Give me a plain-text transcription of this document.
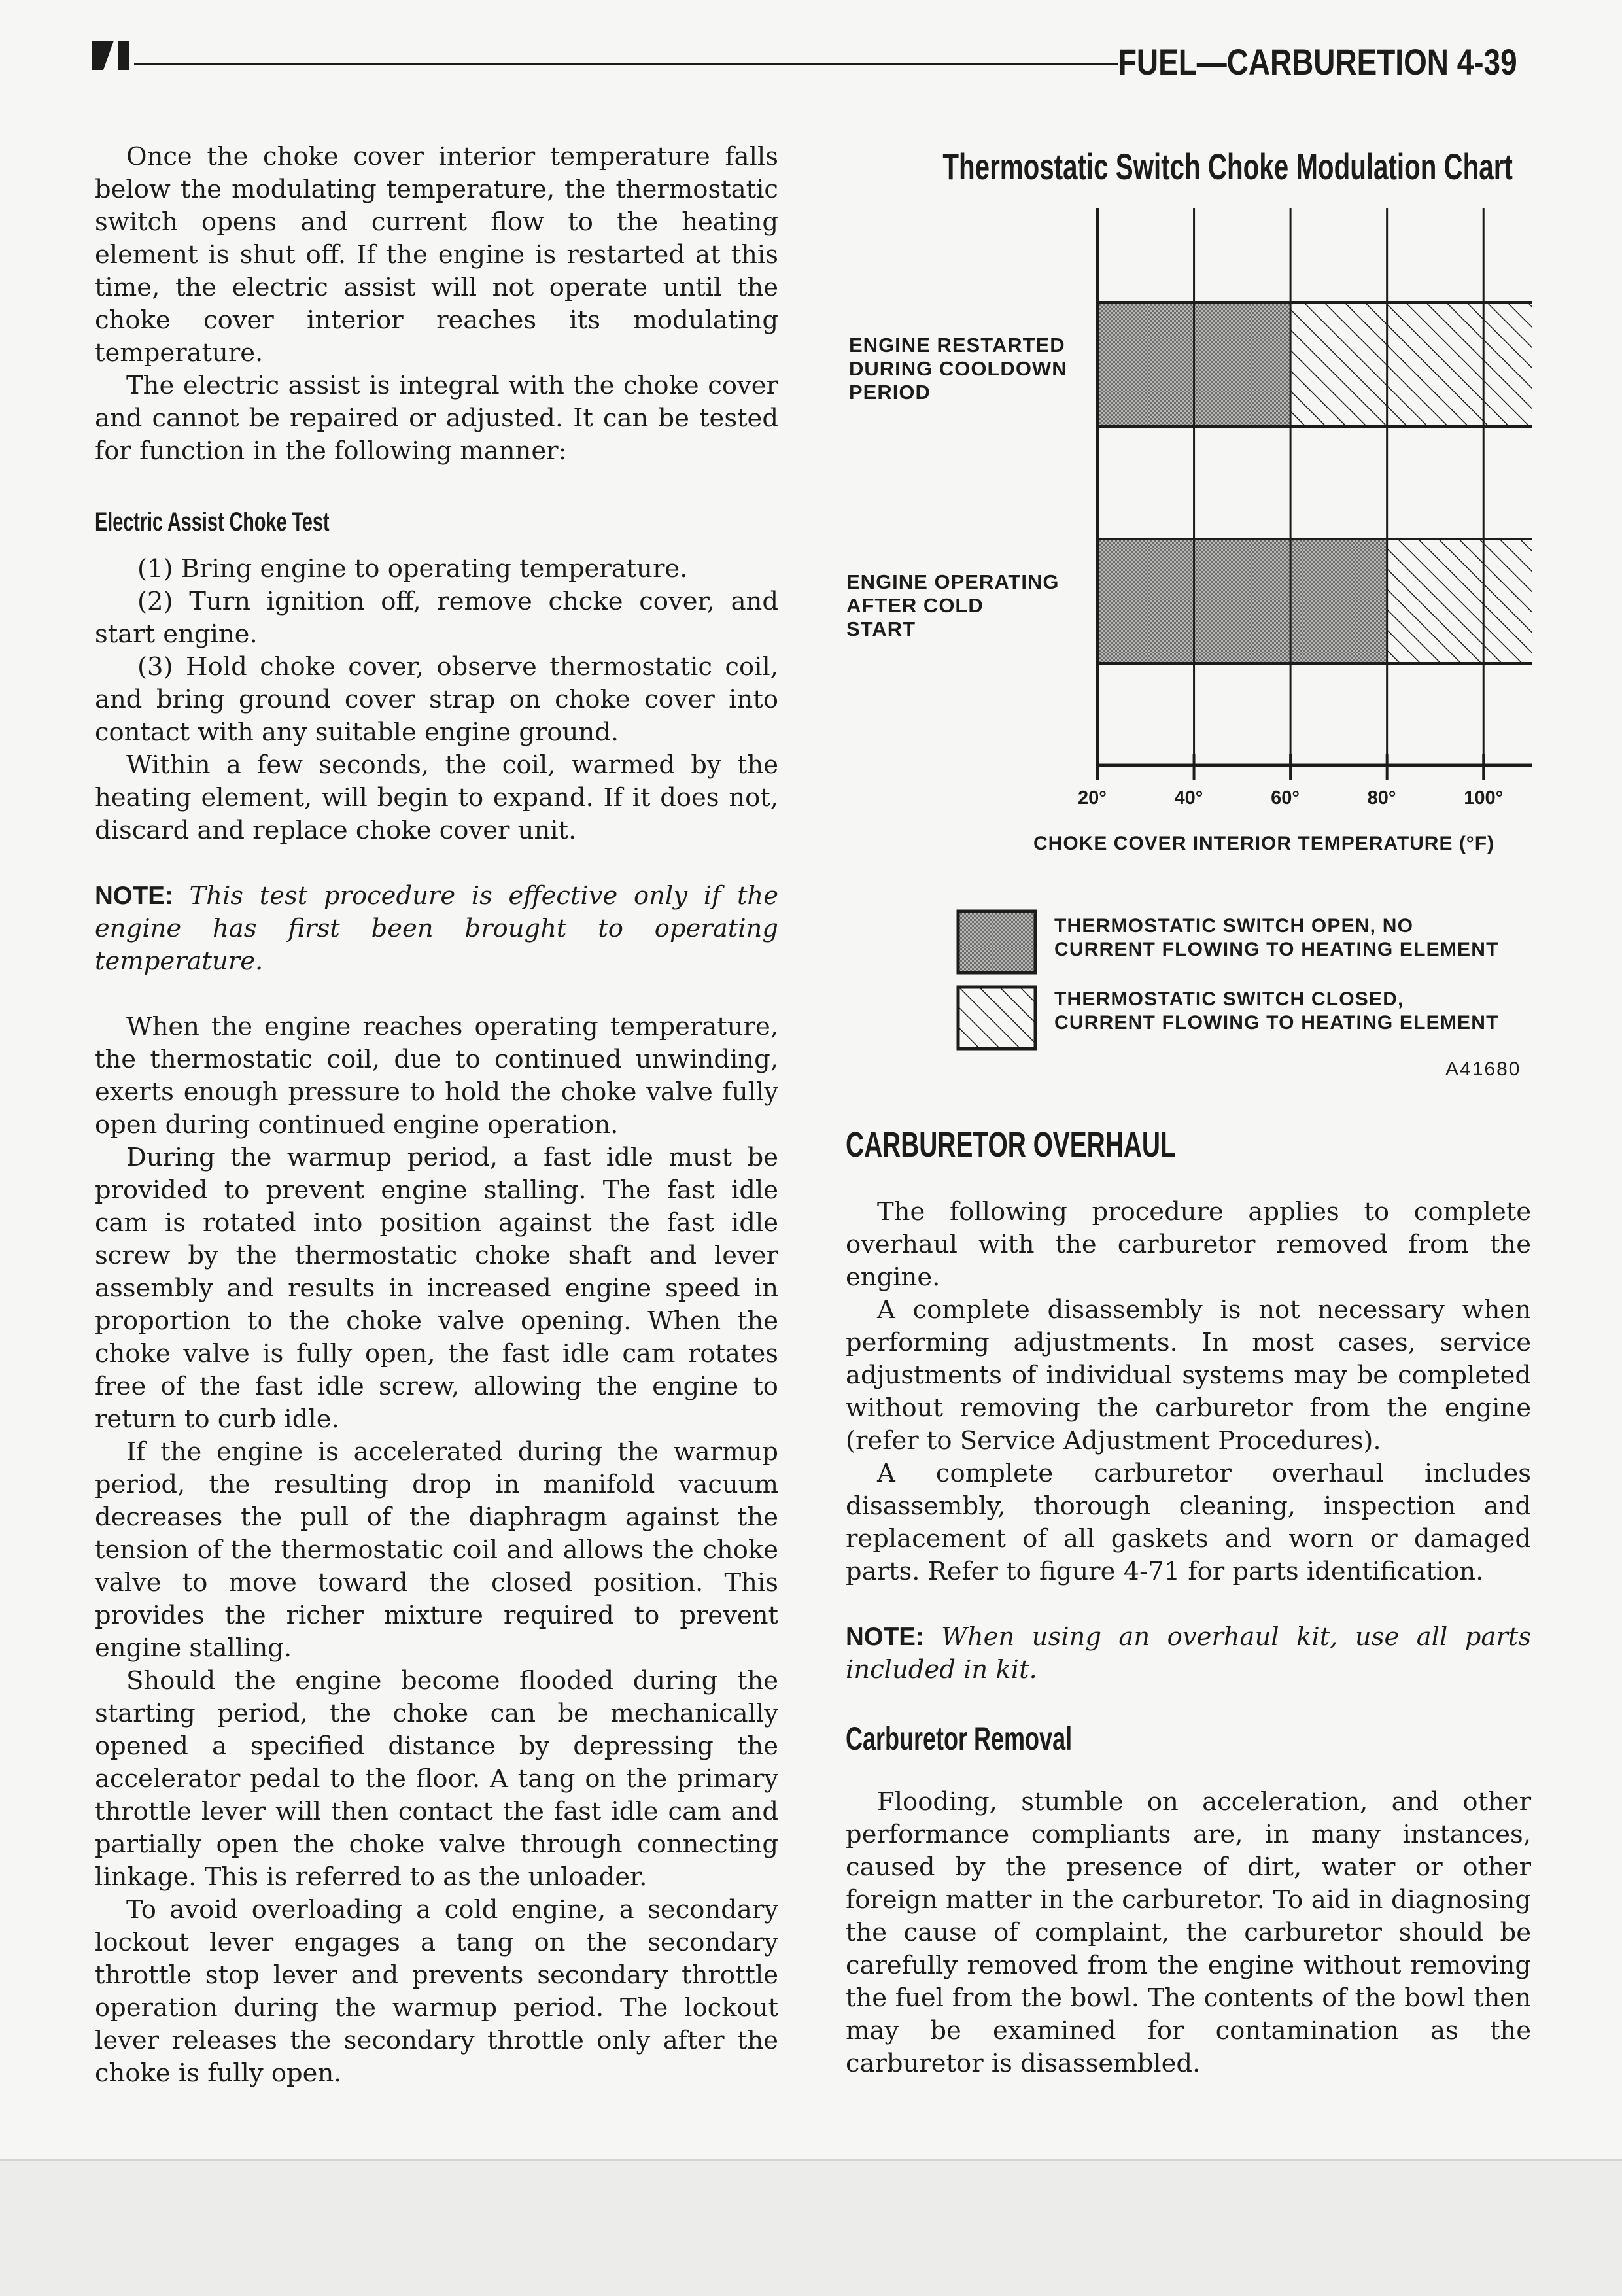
FUEL—CARBURETION 4-39

Once the choke cover interior temperature falls below the modulating temperature, the thermostatic switch opens and current flow to the heating element is shut off. If the engine is restarted at this time, the electric assist will not operate until the choke cover interior reaches its modulating temperature.

The electric assist is integral with the choke cover and cannot be repaired or adjusted. It can be tested for function in the following manner:

Electric Assist Choke Test

(1) Bring engine to operating temperature.

(2) Turn ignition off, remove chcke cover, and start engine.

(3) Hold choke cover, observe thermostatic coil, and bring ground cover strap on choke cover into contact with any suitable engine ground.

Within a few seconds, the coil, warmed by the heating element, will begin to expand. If it does not, discard and replace choke cover unit.

NOTE: This test procedure is effective only if the engine has first been brought to operating temperature.

When the engine reaches operating temperature, the thermostatic coil, due to continued unwinding, exerts enough pressure to hold the choke valve fully open during continued engine operation.

During the warmup period, a fast idle must be provided to prevent engine stalling. The fast idle cam is rotated into position against the fast idle screw by the thermostatic choke shaft and lever assembly and results in increased engine speed in proportion to the choke valve opening. When the choke valve is fully open, the fast idle cam rotates free of the fast idle screw, allowing the engine to return to curb idle.

If the engine is accelerated during the warmup period, the resulting drop in manifold vacuum decreases the pull of the diaphragm against the tension of the thermostatic coil and allows the choke valve to move toward the closed position. This provides the richer mixture required to prevent engine stalling.

Should the engine become flooded during the starting period, the choke can be mechanically opened a specified distance by depressing the accelerator pedal to the floor. A tang on the primary throttle lever will then contact the fast idle cam and partially open the choke valve through connecting linkage. This is referred to as the unloader.

To avoid overloading a cold engine, a secondary lockout lever engages a tang on the secondary throttle stop lever and prevents secondary throttle operation during the warmup period. The lockout lever releases the secondary throttle only after the choke is fully open.

Thermostatic Switch Choke Modulation Chart
ENGINE RESTARTED
DURING COOLDOWN
PERIOD
ENGINE OPERATING
AFTER COLD
START
20°	40°	60°	80°	100°
CHOKE COVER INTERIOR TEMPERATURE (°F)
THERMOSTATIC SWITCH OPEN, NO
CURRENT FLOWING TO HEATING ELEMENT
THERMOSTATIC SWITCH CLOSED,
CURRENT FLOWING TO HEATING ELEMENT
A41680
CARBURETOR OVERHAUL

The following procedure applies to complete overhaul with the carburetor removed from the engine.

A complete disassembly is not necessary when performing adjustments. In most cases, service adjustments of individual systems may be completed without removing the carburetor from the engine (refer to Service Adjustment Procedures).

A complete carburetor overhaul includes disassembly, thorough cleaning, inspection and replacement of all gaskets and worn or damaged parts. Refer to figure 4-71 for parts identification.

NOTE: When using an overhaul kit, use all parts included in kit.

Carburetor Removal

Flooding, stumble on acceleration, and other performance compliants are, in many instances, caused by the presence of dirt, water or other foreign matter in the carburetor. To aid in diagnosing the cause of complaint, the carburetor should be carefully removed from the engine without removing the fuel from the bowl. The contents of the bowl then may be examined for contamination as the carburetor is disassembled.
